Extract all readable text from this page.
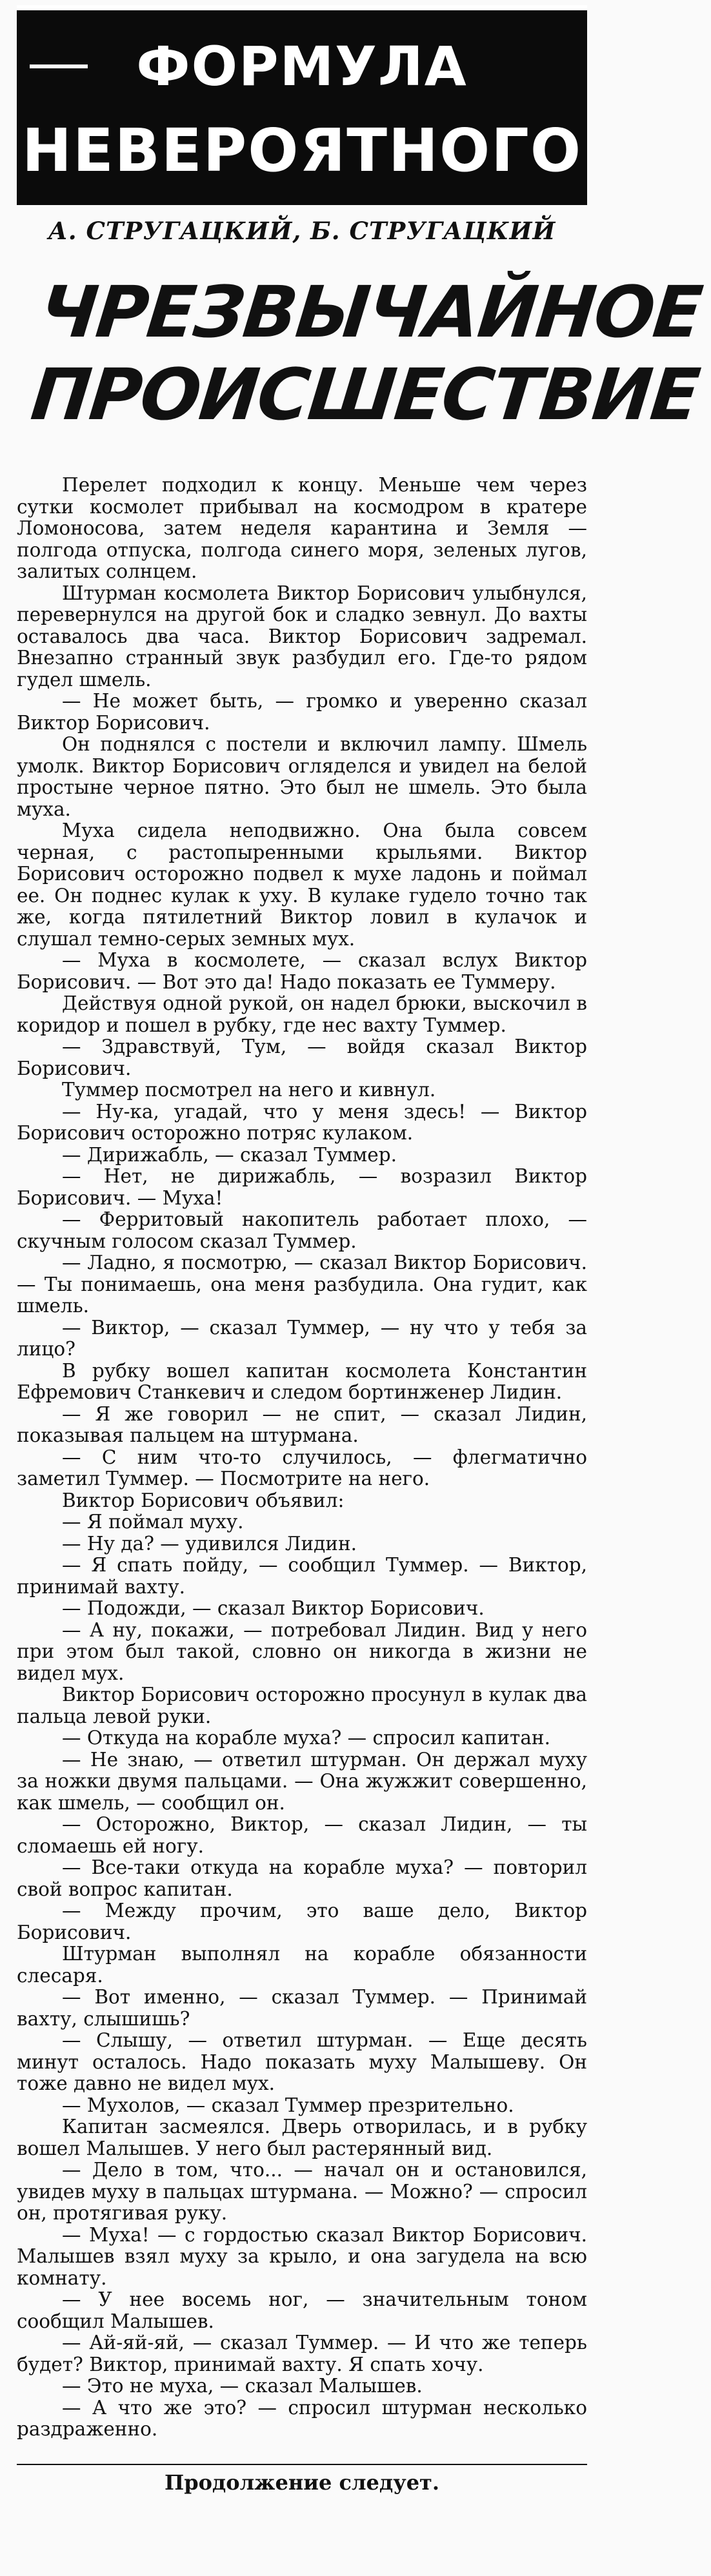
ФОРМУЛА
НЕВЕРОЯТНОГО
А. СТРУГАЦКИЙ, Б. СТРУГАЦКИЙ
ЧРЕЗВЫЧАЙНОЕ
ПРОИСШЕСТВИЕ

Перелет подходил к концу. Меньше чем через сутки космолет прибывал на космодром в кратере Ломоносова, затем неделя карантина и Земля — полгода отпуска, полгода синего моря, зеленых лугов, залитых солнцем.

Штурман космолета Виктор Борисович улыбнулся, перевернулся на другой бок и сладко зевнул. До вахты оставалось два часа. Виктор Борисович задремал. Внезапно странный звук разбудил его. Где-то рядом гудел шмель.

— Не может быть, — громко и уверенно сказал Виктор Борисович.

Он поднялся с постели и включил лампу. Шмель умолк. Виктор Борисович огляделся и увидел на белой простыне черное пятно. Это был не шмель. Это была муха.

Муха сидела неподвижно. Она была совсем черная, с растопыренными крыльями. Виктор Борисович осторожно подвел к мухе ладонь и поймал ее. Он поднес кулак к уху. В кулаке гудело точно так же, когда пятилетний Виктор ловил в кулачок и слушал темно-серых земных мух.

— Муха в космолете, — сказал вслух Виктор Борисович. — Вот это да! Надо показать ее Туммеру.

Действуя одной рукой, он надел брюки, выскочил в коридор и пошел в рубку, где нес вахту Туммер.

— Здравствуй, Тум, — войдя сказал Виктор Борисович.

Туммер посмотрел на него и кивнул.

— Ну-ка, угадай, что у меня здесь! — Виктор Борисович осторожно потряс кулаком.

— Дирижабль, — сказал Туммер.

— Нет, не дирижабль, — возразил Виктор Борисович. — Муха!

— Ферритовый накопитель работает плохо, — скучным голосом сказал Туммер.

— Ладно, я посмотрю, — сказал Виктор Борисович. — Ты понимаешь, она меня разбудила. Она гудит, как шмель.

— Виктор, — сказал Туммер, — ну что у тебя за лицо?

В рубку вошел капитан космолета Константин Ефремович Станкевич и следом бортинженер Лидин.

— Я же говорил — не спит, — сказал Лидин, показывая пальцем на штурмана.

— С ним что-то случилось, — флегматично заметил Туммер. — Посмотрите на него.

Виктор Борисович объявил:

— Я поймал муху.

— Ну да? — удивился Лидин.

— Я спать пойду, — сообщил Туммер. — Виктор, принимай вахту.

— Подожди, — сказал Виктор Борисович.

— А ну, покажи, — потребовал Лидин. Вид у него при этом был такой, словно он никогда в жизни не видел мух.

Виктор Борисович осторожно просунул в кулак два пальца левой руки.

— Откуда на корабле муха? — спросил капитан.

— Не знаю, — ответил штурман. Он держал муху за ножки двумя пальцами. — Она жужжит совершенно, как шмель, — сообщил он.

— Осторожно, Виктор, — сказал Лидин, — ты сломаешь ей ногу.

— Все-таки откуда на корабле муха? — повторил свой вопрос капитан.

— Между прочим, это ваше дело, Виктор Борисович.

Штурман выполнял на корабле обязанности слесаря.

— Вот именно, — сказал Туммер. — Принимай вахту, слышишь?

— Слышу, — ответил штурман. — Еще десять минут осталось. Надо показать муху Малышеву. Он тоже давно не видел мух.

— Мухолов, — сказал Туммер презрительно.

Капитан засмеялся. Дверь отворилась, и в рубку вошел Малышев. У него был растерянный вид.

— Дело в том, что... — начал он и остановился, увидев муху в пальцах штурмана. — Можно? — спросил он, протягивая руку.

— Муха! — с гордостью сказал Виктор Борисович. Малышев взял муху за крыло, и она загудела на всю комнату.

— У нее восемь ног, — значительным тоном сообщил Малышев.

— Ай-яй-яй, — сказал Туммер. — И что же теперь будет? Виктор, принимай вахту. Я спать хочу.

— Это не муха, — сказал Малышев.

— А что же это? — спросил штурман несколько раздраженно.

Продолжение следует.
